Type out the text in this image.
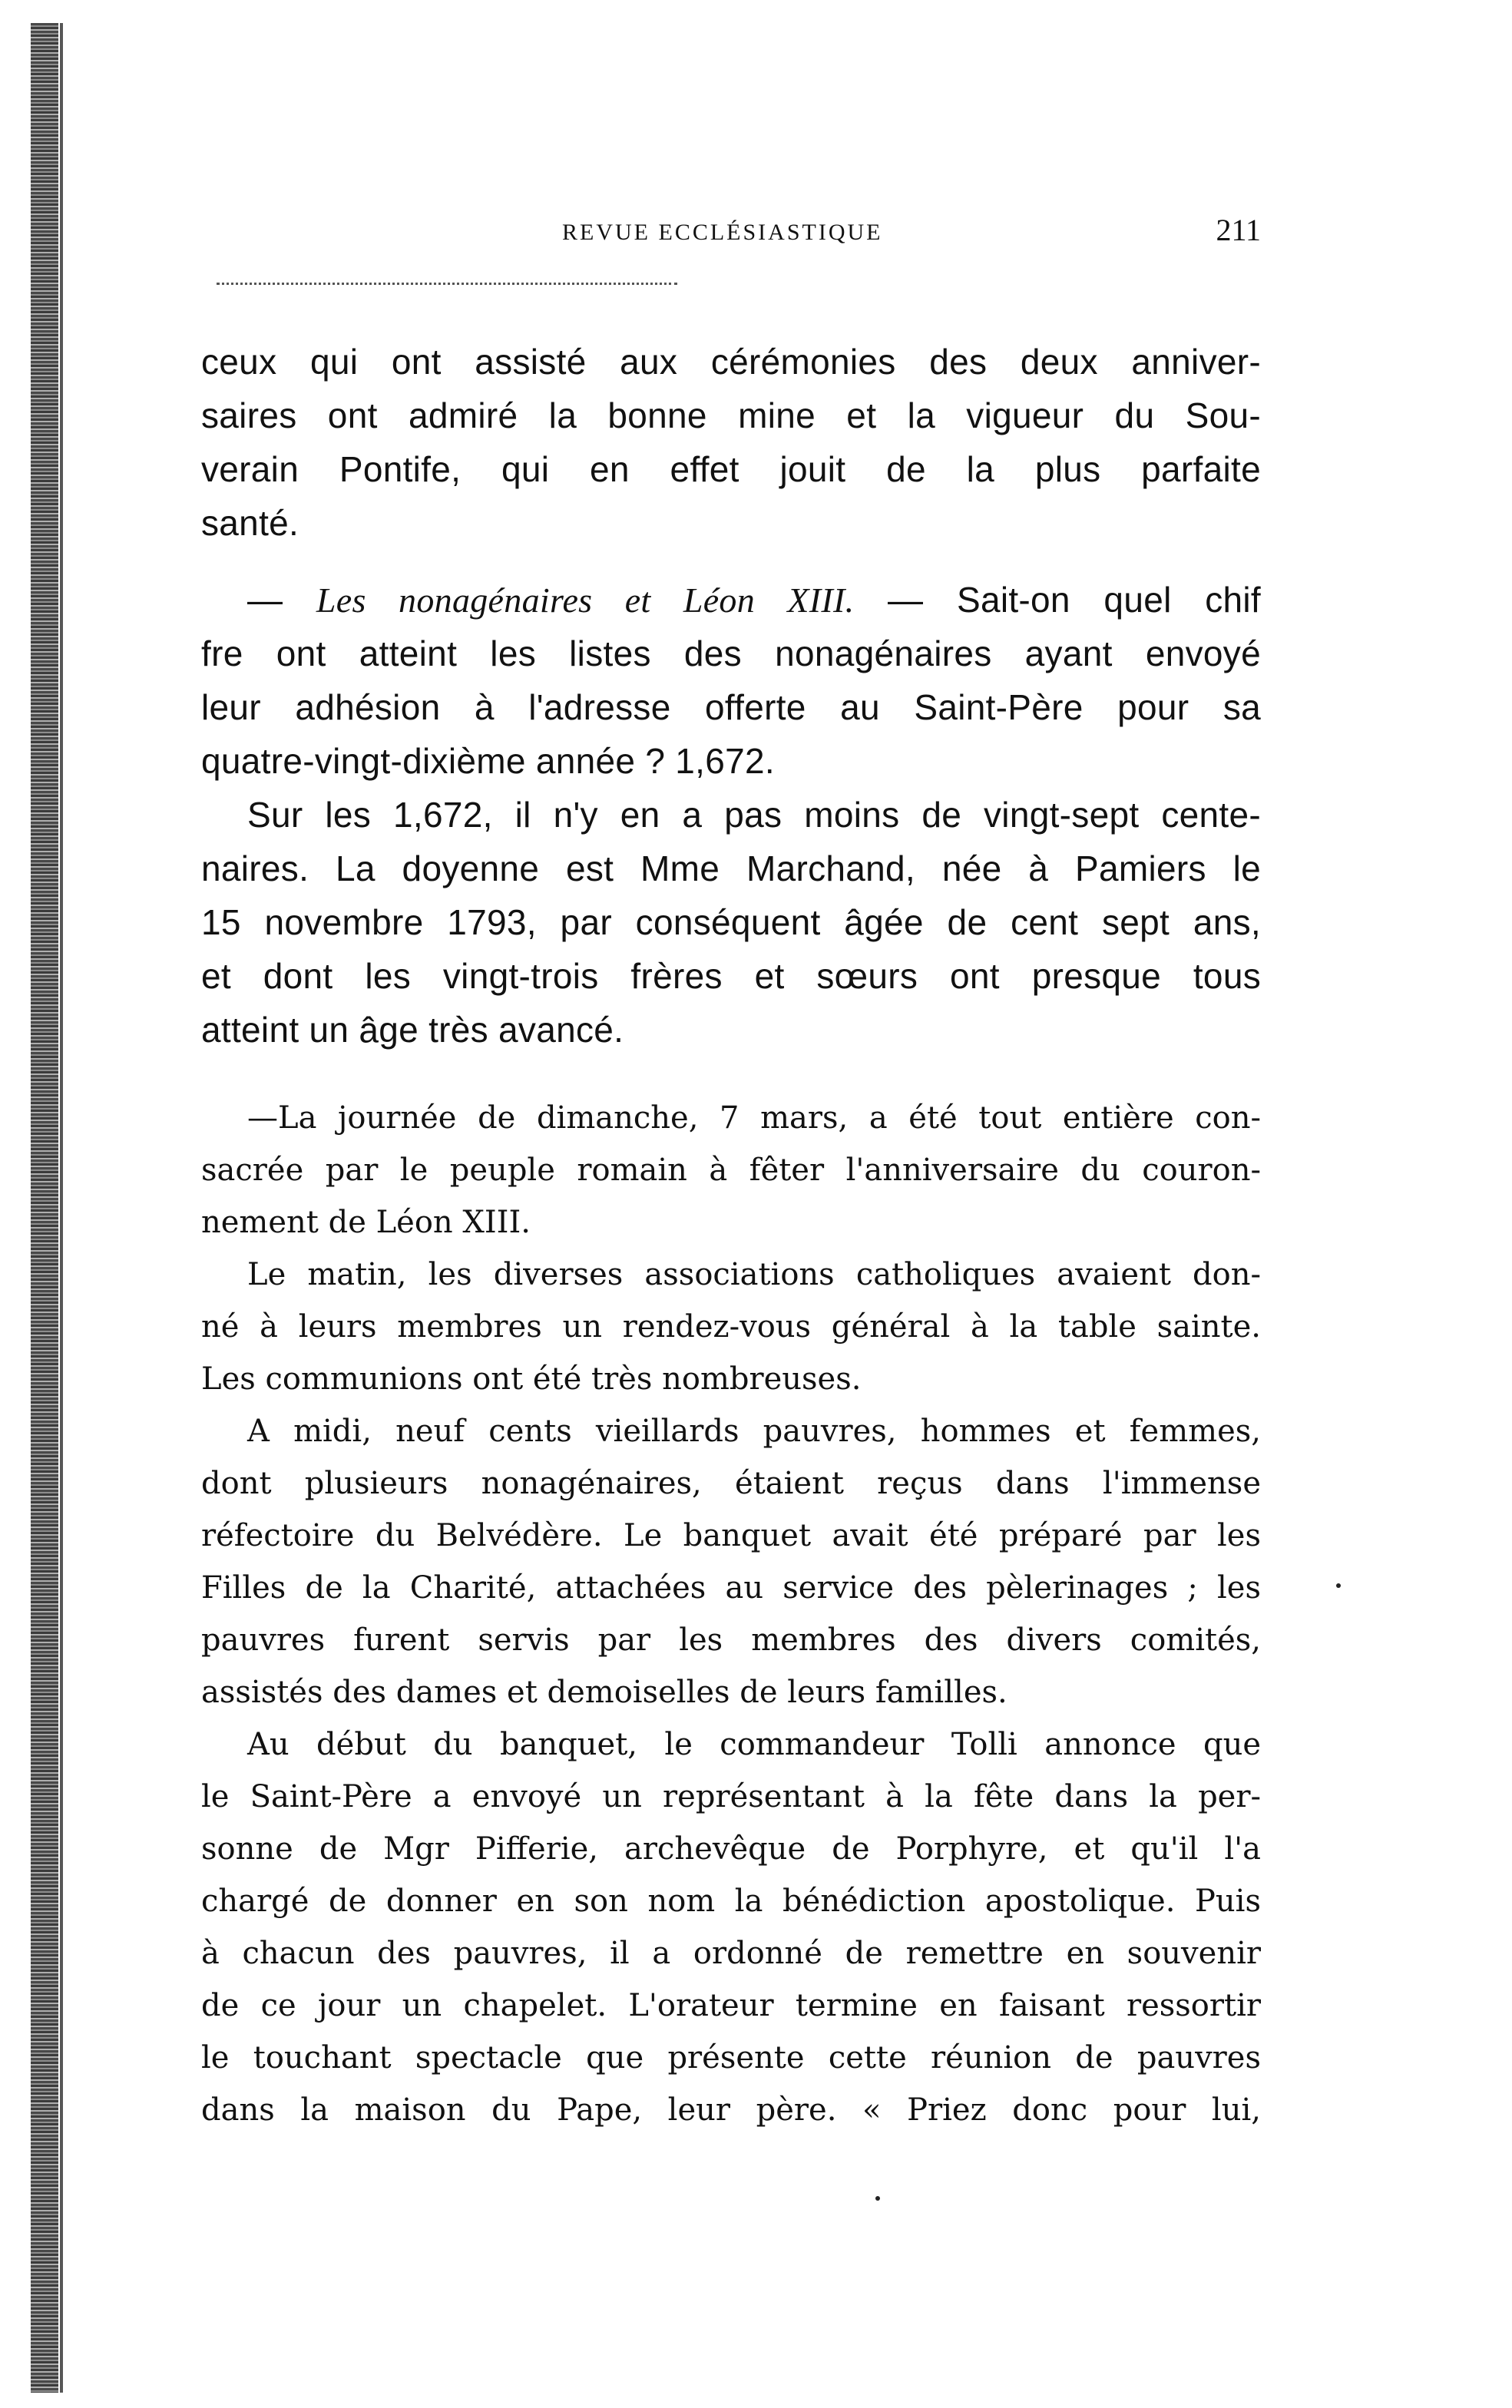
REVUE ECCLÉSIASTIQUE	211
ceux qui ont assisté aux cérémonies des deux anniver-
saires ont admiré la bonne mine et la vigueur du Sou-
verain Pontife, qui en effet jouit de la plus parfaite
santé.
— Les nonagénaires et Léon XIII. — Sait-on quel chif
fre ont atteint les listes des nonagénaires ayant envoyé
leur adhésion à l'adresse offerte au Saint-Père pour sa
quatre-vingt-dixième année ? 1,672.
Sur les 1,672, il n'y en a pas moins de vingt-sept cente-
naires. La doyenne est Mme Marchand, née à Pamiers le
15 novembre 1793, par conséquent âgée de cent sept ans,
et dont les vingt-trois frères et sœurs ont presque tous
atteint un âge très avancé.
—La journée de dimanche, 7 mars, a été tout entière con-
sacrée par le peuple romain à fêter l'anniversaire du couron-
nement de Léon XIII.
Le matin, les diverses associations catholiques avaient don-
né à leurs membres un rendez-vous général à la table sainte.
Les communions ont été très nombreuses.
A midi, neuf cents vieillards pauvres, hommes et femmes,
dont plusieurs nonagénaires, étaient reçus dans l'immense
réfectoire du Belvédère. Le banquet avait été préparé par les
Filles de la Charité, attachées au service des pèlerinages ; les
pauvres furent servis par les membres des divers comités,
assistés des dames et demoiselles de leurs familles.
Au début du banquet, le commandeur Tolli annonce que
le Saint-Père a envoyé un représentant à la fête dans la per-
sonne de Mgr Pifferie, archevêque de Porphyre, et qu'il l'a
chargé de donner en son nom la bénédiction apostolique. Puis
à chacun des pauvres, il a ordonné de remettre en souvenir
de ce jour un chapelet. L'orateur termine en faisant ressortir
le touchant spectacle que présente cette réunion de pauvres
dans la maison du Pape, leur père. « Priez donc pour lui,
